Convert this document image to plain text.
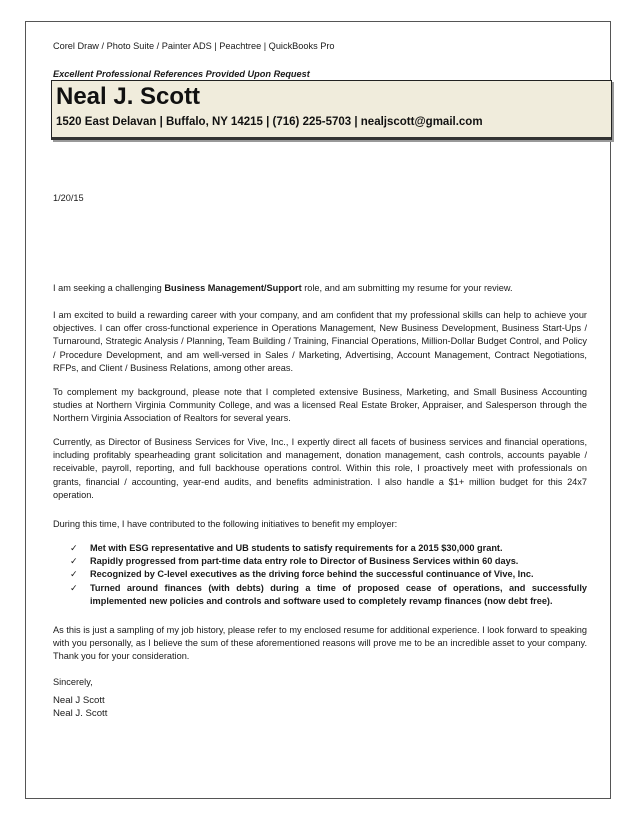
Corel Draw / Photo Suite / Painter ADS | Peachtree | QuickBooks Pro
Excellent Professional References Provided Upon Request
Neal J. Scott
1520 East Delavan | Buffalo, NY 14215 | (716) 225-5703 | nealjscott@gmail.com
1/20/15
I am seeking a challenging Business Management/Support role, and am submitting my resume for your review.
I am excited to build a rewarding career with your company, and am confident that my professional skills can help to achieve your objectives. I can offer cross-functional experience in Operations Management, New Business Development, Business Start-Ups / Turnaround, Strategic Analysis / Planning, Team Building / Training, Financial Operations, Million-Dollar Budget Control, and Policy / Procedure Development, and am well-versed in Sales / Marketing, Advertising, Account Management, Contract Negotiations, RFPs, and Client / Business Relations, among other areas.
To complement my background, please note that I completed extensive Business, Marketing, and Small Business Accounting studies at Northern Virginia Community College, and was a licensed Real Estate Broker, Appraiser, and Salesperson through the Northern Virginia Association of Realtors for several years.
Currently, as Director of Business Services for Vive, Inc., I expertly direct all facets of business services and financial operations, including profitably spearheading grant solicitation and management, donation management, cash controls, accounts payable / receivable, payroll, reporting, and full backhouse operations control. Within this role, I proactively meet with professionals on grants, financial / accounting, year-end audits, and benefits administration. I also handle a $1+ million budget for this 24x7 operation.
During this time, I have contributed to the following initiatives to benefit my employer:
✓ Met with ESG representative and UB students to satisfy requirements for a 2015 $30,000 grant.
✓ Rapidly progressed from part-time data entry role to Director of Business Services within 60 days.
✓ Recognized by C-level executives as the driving force behind the successful continuance of Vive, Inc.
✓ Turned around finances (with debts) during a time of proposed cease of operations, and successfully implemented new policies and controls and software used to completely revamp finances (now debt free).
As this is just a sampling of my job history, please refer to my enclosed resume for additional experience. I look forward to speaking with you personally, as I believe the sum of these aforementioned reasons will prove me to be an incredible asset to your company. Thank you for your consideration.
Sincerely,
Neal J Scott
Neal J. Scott
